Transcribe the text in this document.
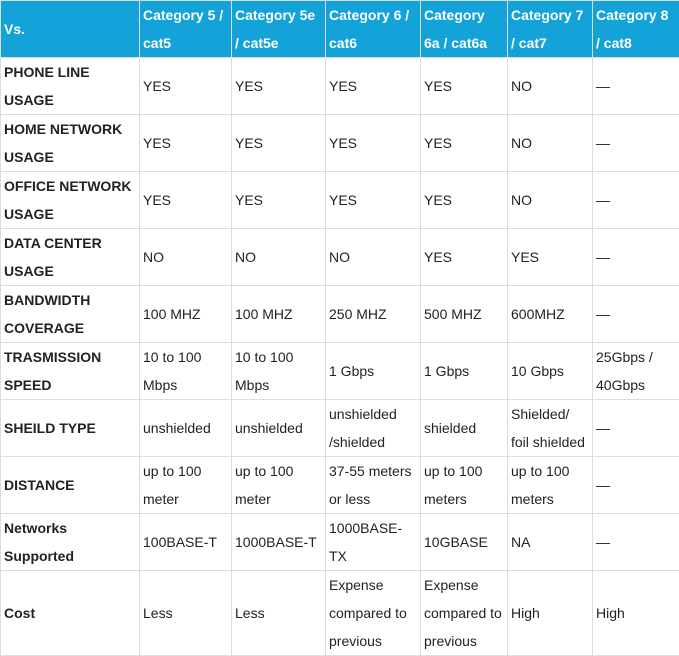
Vs.	Category 5 / cat5	Category 5e / cat5e	Category 6 / cat6	Category 6a / cat6a	Category 7 / cat7	Category 8 / cat8
PHONE LINE USAGE	YES	YES	YES	YES	NO	—
HOME NETWORK USAGE	YES	YES	YES	YES	NO	—
OFFICE NETWORK USAGE	YES	YES	YES	YES	NO	—
DATA CENTER USAGE	NO	NO	NO	YES	YES	—
BANDWIDTH COVERAGE	100 MHZ	100 MHZ	250 MHZ	500 MHZ	600MHZ	—
TRASMISSION SPEED	10 to 100 Mbps	10 to 100 Mbps	1 Gbps	1 Gbps	10 Gbps	25Gbps / 40Gbps
SHEILD TYPE	unshielded	unshielded	unshielded /shielded	shielded	Shielded/ foil shielded	—
DISTANCE	up to 100 meter	up to 100 meter	37-55 meters or less	up to 100 meters	up to 100 meters	—
Networks Supported	100BASE-T	1000BASE-T	1000BASE-TX	10GBASE	NA	—
Cost	Less	Less	Expense compared to previous	Expense compared to previous	High	High
